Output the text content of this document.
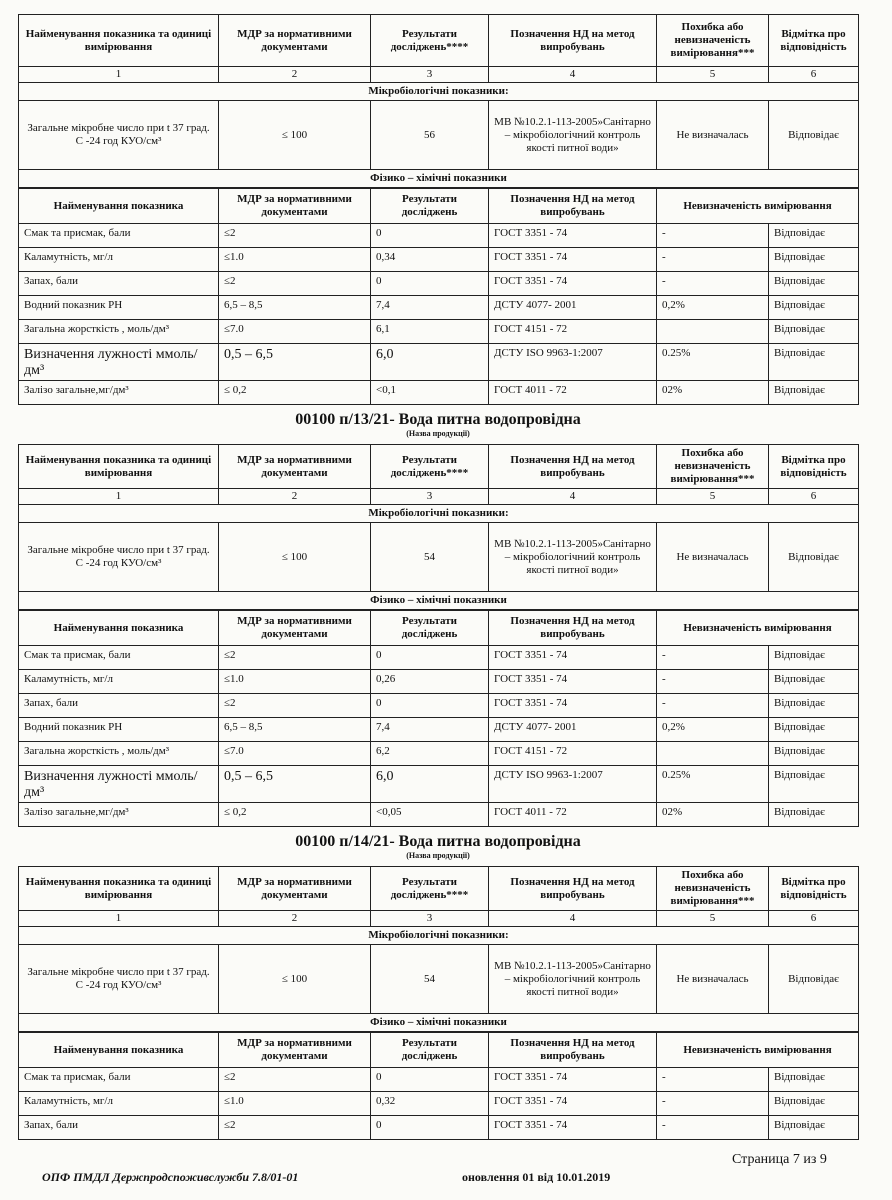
Найменування показника та одиниці вимірювання	МДР за нормативними документами	Результати досліджень****	Позначення НД на метод випробувань	Похибка або невизначеність вимірювання***	Відмітка про відповідність
1	2	3	4	5	6
Мікробіологічні показники:					
Загальне мікробне число при t 37 град. С -24 год КУО/см³	≤ 100	56	МВ №10.2.1-113-2005»Санітарно – мікробіологічний контроль якості питної води»	Не визначалась	Відповідає
Фізико – хімічні показники					
Найменування показника	МДР за нормативними документами	Результати досліджень	Позначення НД на метод випробувань	Невизначеність вимірювання	
Смак та присмак, бали	≤2	0	ГОСТ 3351 - 74	-	Відповідає
Каламутність, мг/л	≤1.0	0,34	ГОСТ 3351 - 74	-	Відповідає
Запах, бали	≤2	0	ГОСТ 3351 - 74	-	Відповідає
Водний показник РН	6,5 – 8,5	7,4	ДСТУ 4077- 2001	0,2%	Відповідає
Загальна жорсткість , моль/дм³	≤7.0	6,1	ГОСТ 4151 - 72		Відповідає
Визначення лужності ммоль/дм³	0,5 – 6,5	6,0	ДСТУ ISO 9963-1:2007	0.25%	Відповідає
Залізо загальне,мг/дм³	≤ 0,2	<0,1	ГОСТ 4011 - 72	02%	Відповідає
00100 п/13/21- Вода питна водопровідна
(Назва продукції)
Найменування показника та одиниці вимірювання	МДР за нормативними документами	Результати досліджень****	Позначення НД на метод випробувань	Похибка або невизначеність вимірювання***	Відмітка про відповідність
1	2	3	4	5	6
Мікробіологічні показники:					
Загальне мікробне число при t 37 град. С -24 год КУО/см³	≤ 100	54	МВ №10.2.1-113-2005»Санітарно – мікробіологічний контроль якості питної води»	Не визначалась	Відповідає
Фізико – хімічні показники					
Найменування показника	МДР за нормативними документами	Результати досліджень	Позначення НД на метод випробувань	Невизначеність вимірювання	
Смак та присмак, бали	≤2	0	ГОСТ 3351 - 74	-	Відповідає
Каламутність, мг/л	≤1.0	0,26	ГОСТ 3351 - 74	-	Відповідає
Запах, бали	≤2	0	ГОСТ 3351 - 74	-	Відповідає
Водний показник РН	6,5 – 8,5	7,4	ДСТУ 4077- 2001	0,2%	Відповідає
Загальна жорсткість , моль/дм³	≤7.0	6,2	ГОСТ 4151 - 72		Відповідає
Визначення лужності ммоль/дм³	0,5 – 6,5	6,0	ДСТУ ISO 9963-1:2007	0.25%	Відповідає
Залізо загальне,мг/дм³	≤ 0,2	<0,05	ГОСТ 4011 - 72	02%	Відповідає
00100 п/14/21- Вода питна водопровідна
(Назва продукції)
Найменування показника та одиниці вимірювання	МДР за нормативними документами	Результати досліджень****	Позначення НД на метод випробувань	Похибка або невизначеність вимірювання***	Відмітка про відповідність
1	2	3	4	5	6
Мікробіологічні показники:					
Загальне мікробне число при t 37 град. С -24 год КУО/см³	≤ 100	54	МВ №10.2.1-113-2005»Санітарно – мікробіологічний контроль якості питної води»	Не визначалась	Відповідає
Фізико – хімічні показники					
Найменування показника	МДР за нормативними документами	Результати досліджень	Позначення НД на метод випробувань	Невизначеність вимірювання	
Смак та присмак, бали	≤2	0	ГОСТ 3351 - 74	-	Відповідає
Каламутність, мг/л	≤1.0	0,32	ГОСТ 3351 - 74	-	Відповідає
Запах, бали	≤2	0	ГОСТ 3351 - 74	-	Відповідає
ОПФ ПМДЛ Держпродспоживслужби 7.8/01-01	оновлення 01 від 10.01.2019
Страница 7 из 9
